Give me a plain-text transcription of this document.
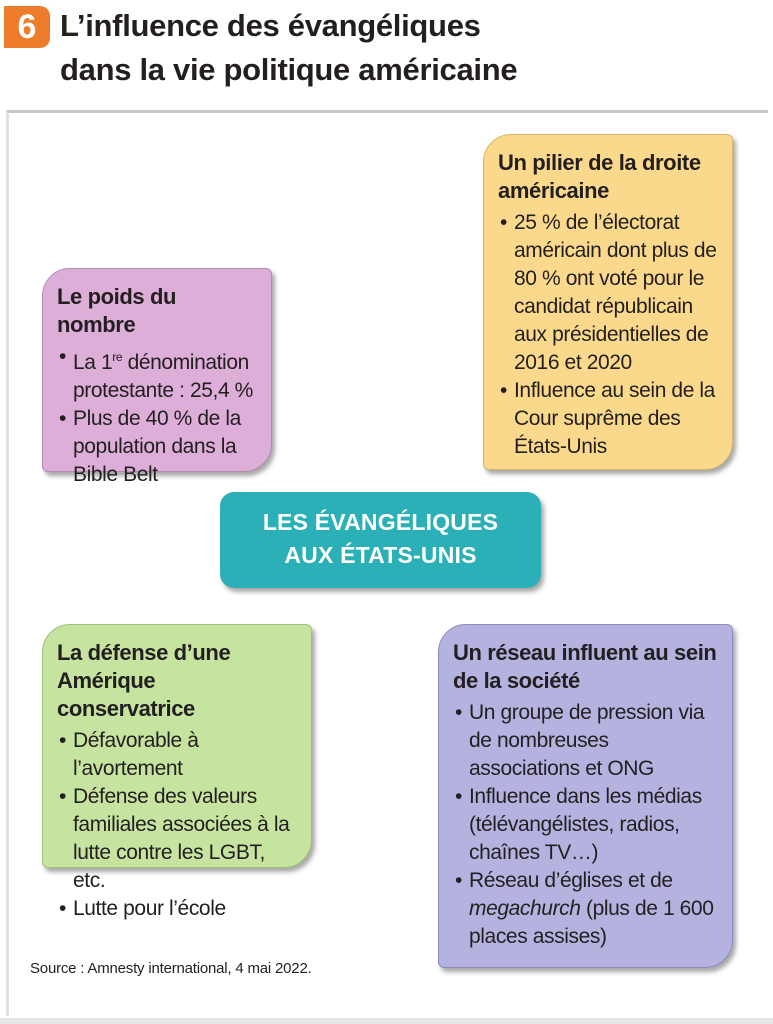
6 L’influence des évangéliques
dans la vie politique américaine
Le poids du nombre
• La 1re dénomination protestante : 25,4 %
• Plus de 40 % de la population dans la Bible Belt
Un pilier de la droite américaine
• 25 % de l’électorat américain dont plus de 80 % ont voté pour le candidat républicain aux présidentielles de 2016 et 2020
• Influence au sein de la Cour suprême des États-Unis
LES ÉVANGÉLIQUES
AUX ÉTATS-UNIS
La défense d’une Amérique conservatrice
• Défavorable à l’avortement
• Défense des valeurs familiales associées à la lutte contre les LGBT, etc.
• Lutte pour l’école
Un réseau influent au sein de la société
• Un groupe de pression via de nombreuses associations et ONG
• Influence dans les médias (télévangélistes, radios, chaînes TV…)
• Réseau d’églises et de megachurch (plus de 1 600 places assises)
Source : Amnesty international, 4 mai 2022.
